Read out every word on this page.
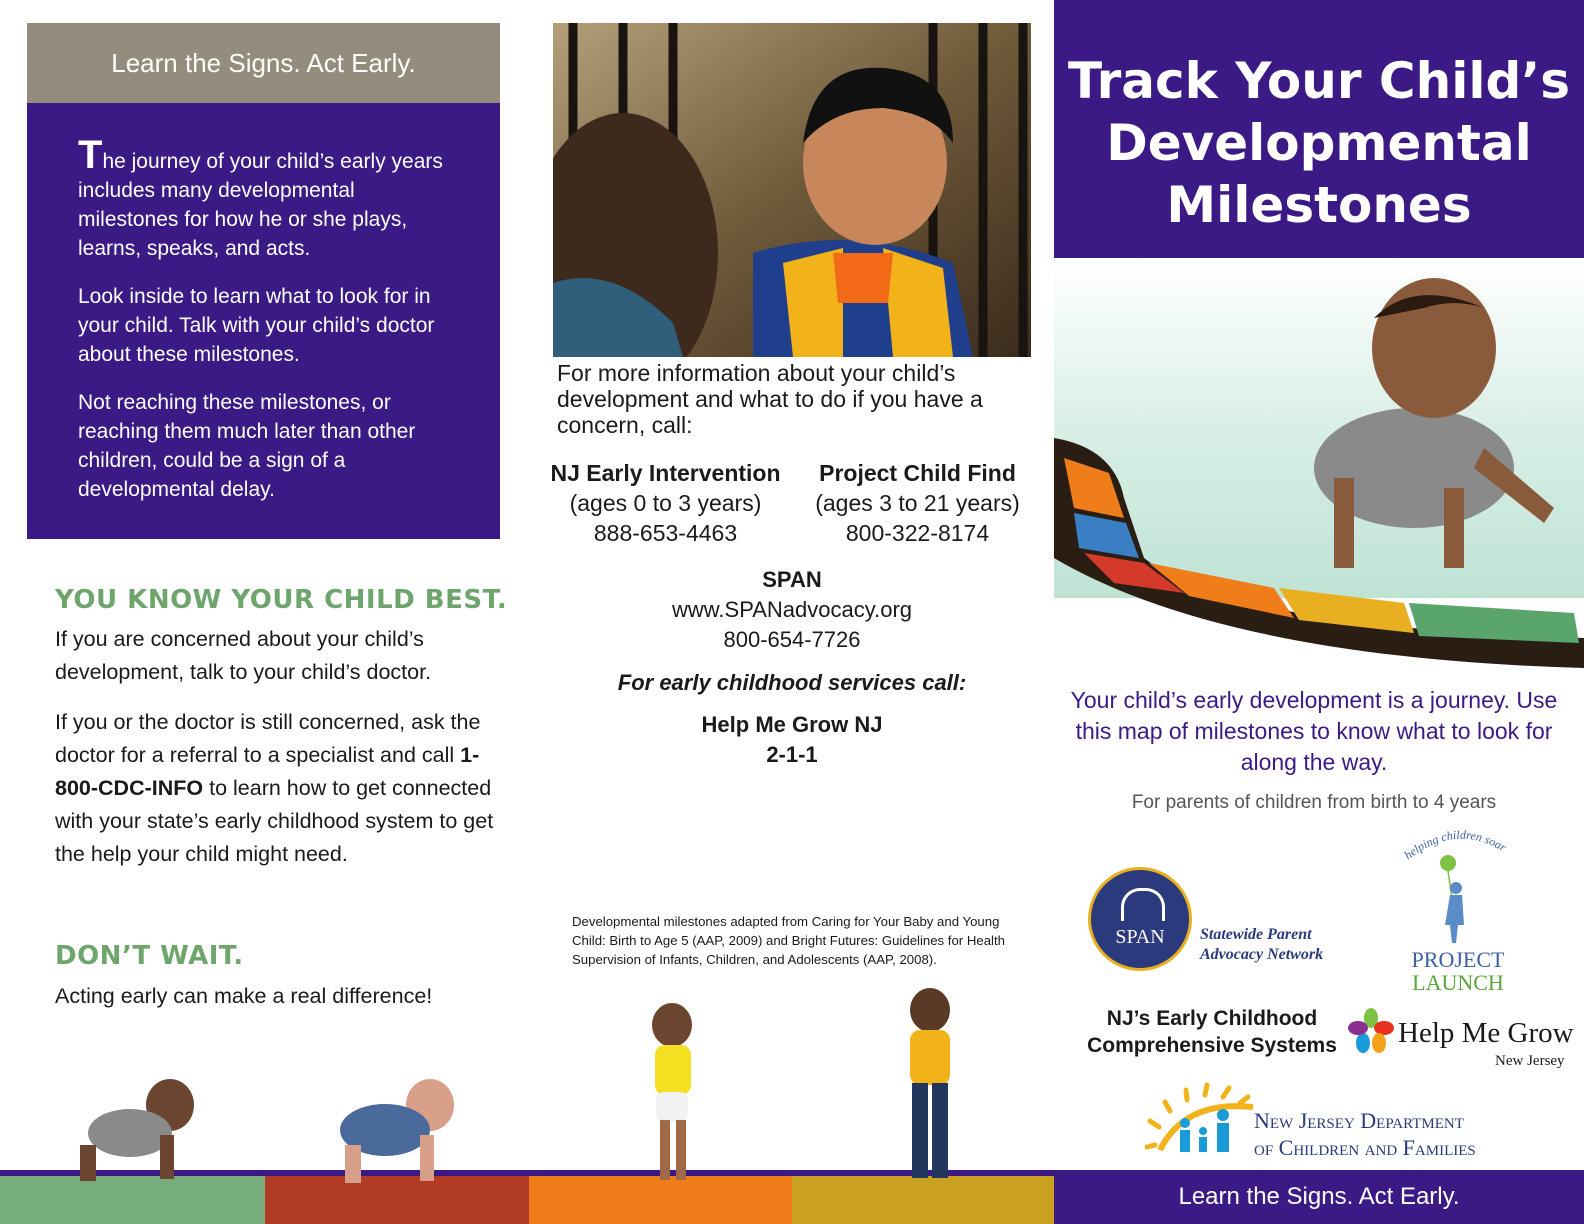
Learn the Signs. Act Early.

The journey of your child’s early years includes many developmental milestones for how he or she plays, learns, speaks, and acts.

Look inside to learn what to look for in your child. Talk with your child’s doctor about these milestones.

Not reaching these milestones, or reaching them much later than other children, could be a sign of a developmental delay.

YOU KNOW YOUR CHILD BEST.

If you are concerned about your child’s development, talk to your child’s doctor.

If you or the doctor is still concerned, ask the doctor for a referral to a specialist and call 1-800-CDC-INFO to learn how to get connected with your state’s early childhood system to get the help your child might need.

DON’T WAIT.
Acting early can make a real difference!
For more information about your child’s development and what to do if you have a concern, call:
NJ Early Intervention
(ages 0 to 3 years)
888-653-4463
Project Child Find
(ages 3 to 21 years)
800-322-8174
SPAN
www.SPANadvocacy.org
800-654-7726
For early childhood services call:
Help Me Grow NJ
2-1-1
Developmental milestones adapted from Caring for Your Baby and Young Child: Birth to Age 5 (AAP, 2009) and Bright Futures: Guidelines for Health Supervision of Infants, Children, and Adolescents (AAP, 2008).
Track Your Child’s
Developmental
Milestones
Your child’s early development is a journey. Use this map of milestones to know what to look for along the way.
For parents of children from birth to 4 years
SPAN	Statewide Parent
Advocacy Network
helping children soar
PROJECT
LAUNCH
NJ’s Early Childhood
Comprehensive Systems Help Me Grow
New Jersey
New Jersey Department
of Children and Families
Learn the Signs. Act Early.
